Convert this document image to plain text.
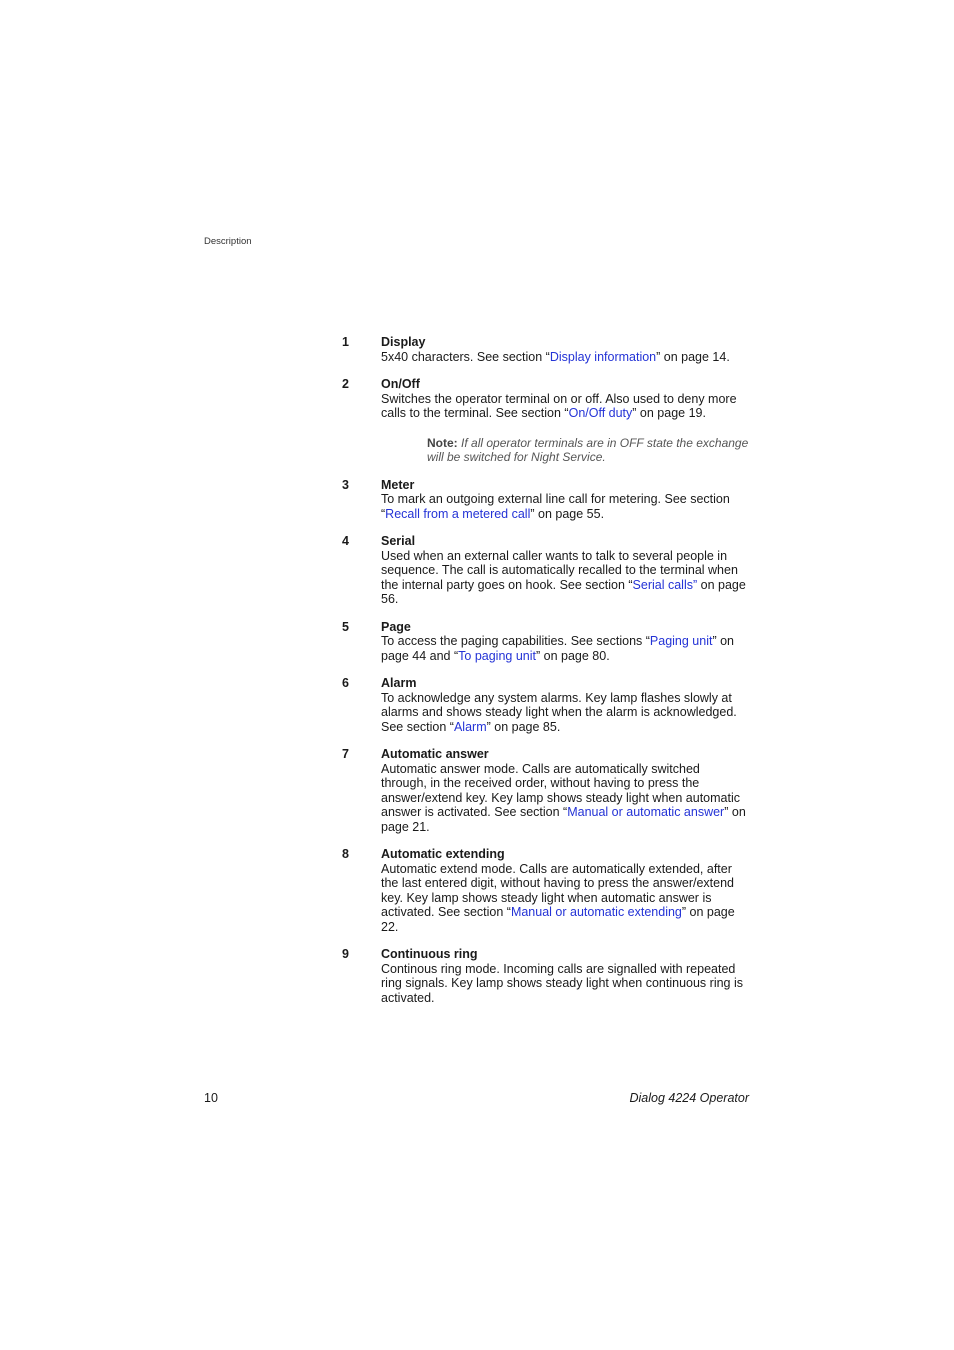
Description
1	Display
5x40 characters. See section “Display information” on page 14.
2	On/Off
Switches the operator terminal on or off. Also used to deny more calls to the terminal. See section “On/Off duty” on page 19.
Note: If all operator terminals are in OFF state the exchange will be switched for Night Service.
3	Meter
To mark an outgoing external line call for metering. See section “Recall from a metered call” on page 55.
4	Serial
Used when an external caller wants to talk to several people in sequence. The call is automatically recalled to the terminal when the internal party goes on hook. See section “Serial calls” on page 56.
5	Page
To access the paging capabilities. See sections “Paging unit” on page 44 and “To paging unit” on page 80.
6	Alarm
To acknowledge any system alarms. Key lamp flashes slowly at alarms and shows steady light when the alarm is acknowledged. See section “Alarm” on page 85.
7	Automatic answer
Automatic answer mode. Calls are automatically switched through, in the received order, without having to press the answer/extend key. Key lamp shows steady light when automatic answer is activated. See section “Manual or automatic answer” on page 21.
8	Automatic extending
Automatic extend mode. Calls are automatically extended, after the last entered digit, without having to press the answer/extend key. Key lamp shows steady light when automatic answer is activated. See section “Manual or automatic extending” on page 22.
9	Continuous ring
Continous ring mode. Incoming calls are signalled with repeated ring signals. Key lamp shows steady light when continuous ring is activated.
10	Dialog 4224 Operator
